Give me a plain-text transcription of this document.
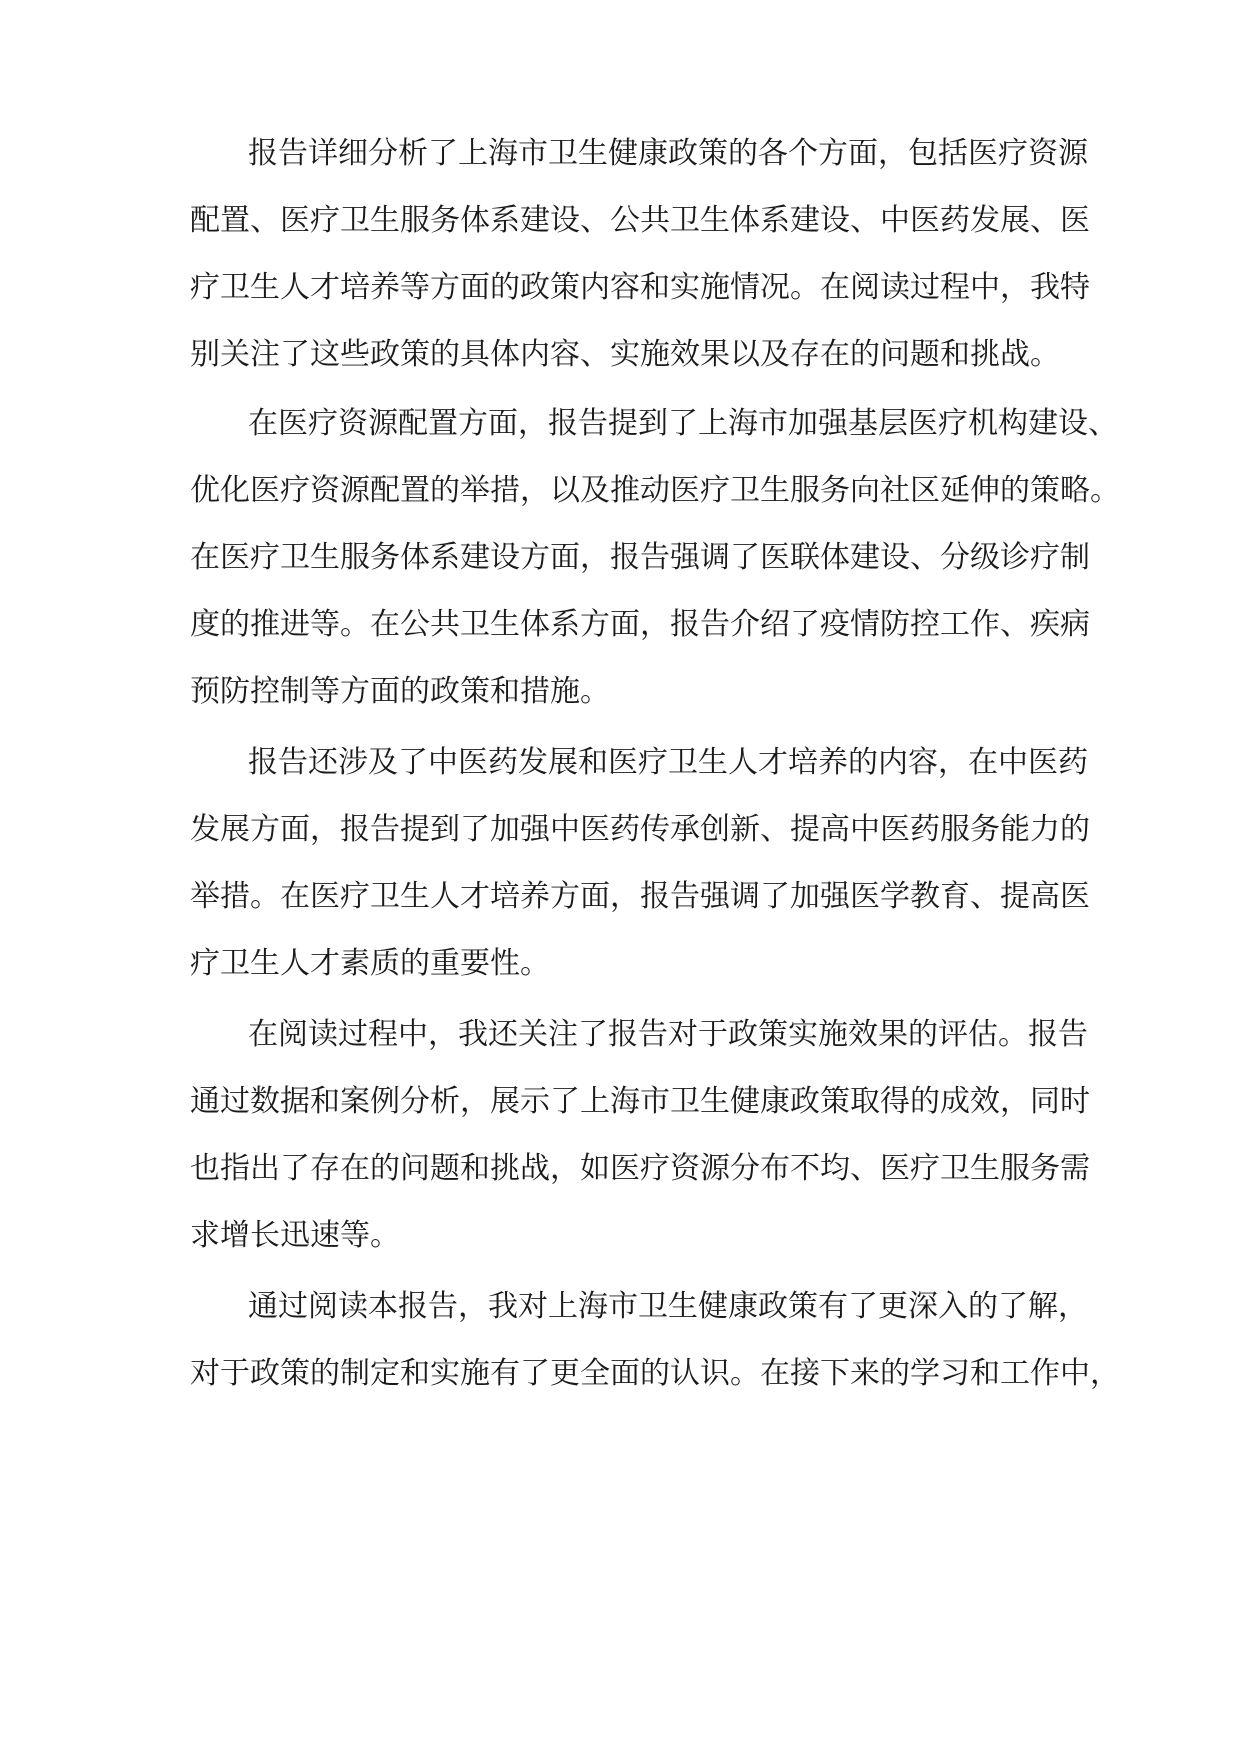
报告详细分析了上海市卫生健康政策的各个方面，包括医疗资源
配置、医疗卫生服务体系建设、公共卫生体系建设、中医药发展、医
疗卫生人才培养等方面的政策内容和实施情况。在阅读过程中，我特
别关注了这些政策的具体内容、实施效果以及存在的问题和挑战。
在医疗资源配置方面，报告提到了上海市加强基层医疗机构建设、
优化医疗资源配置的举措，以及推动医疗卫生服务向社区延伸的策略。
在医疗卫生服务体系建设方面，报告强调了医联体建设、分级诊疗制
度的推进等。在公共卫生体系方面，报告介绍了疫情防控工作、疾病
预防控制等方面的政策和措施。
报告还涉及了中医药发展和医疗卫生人才培养的内容，在中医药
发展方面，报告提到了加强中医药传承创新、提高中医药服务能力的
举措。在医疗卫生人才培养方面，报告强调了加强医学教育、提高医
疗卫生人才素质的重要性。
在阅读过程中，我还关注了报告对于政策实施效果的评估。报告
通过数据和案例分析，展示了上海市卫生健康政策取得的成效，同时
也指出了存在的问题和挑战，如医疗资源分布不均、医疗卫生服务需
求增长迅速等。
通过阅读本报告，我对上海市卫生健康政策有了更深入的了解，
对于政策的制定和实施有了更全面的认识。在接下来的学习和工作中，
